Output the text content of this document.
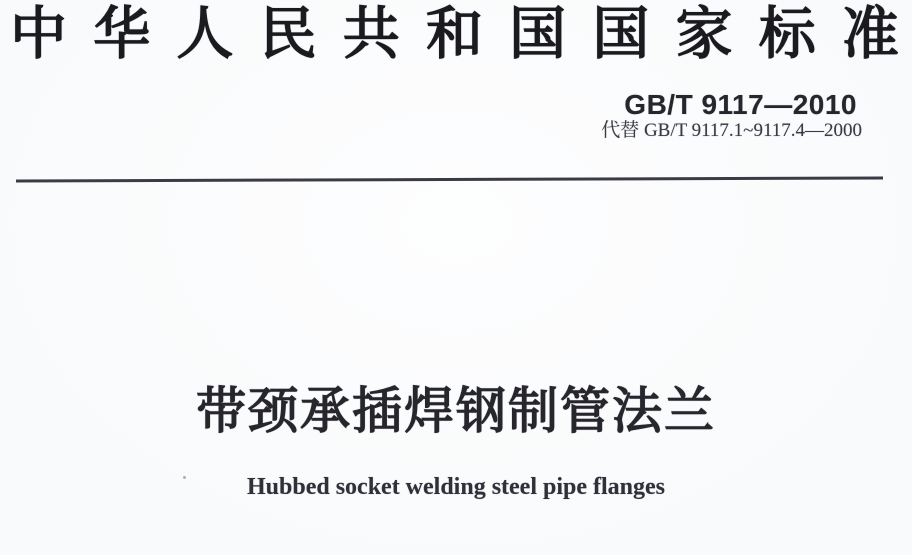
中 华 人 民 共 和 国 国 家 标 准
GB/T 9117—2010
代替 GB/T 9117.1~9117.4—2000
带颈承插焊钢制管法兰
Hubbed socket welding steel pipe flanges
